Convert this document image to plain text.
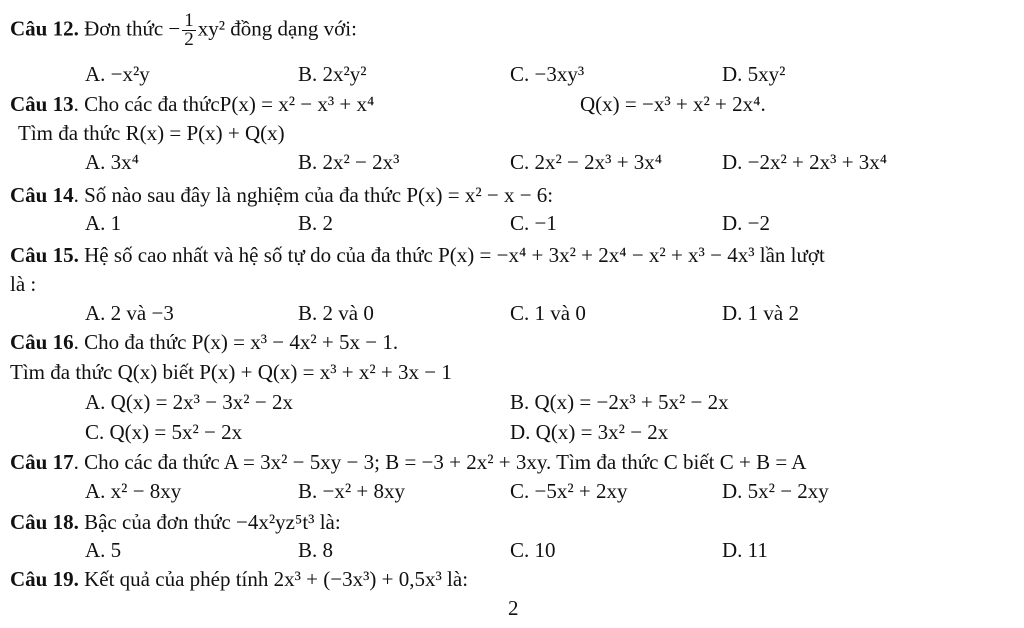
Câu 12. Đơn thức − $\frac{1}{2} xy^2$ đồng dạng với:
A. −x²y	B. 2x²y²	C. −3xy³	D. 5xy²
Câu 13. Cho các đa thứcP(x) = x² − x³ + x⁴	Q(x) = −x³ + x² + 2x⁴.
Tìm đa thức R(x) = P(x) + Q(x)
A. 3x⁴	B. 2x² − 2x³	C. 2x² − 2x³ + 3x⁴	D. −2x² + 2x³ + 3x⁴
Câu 14. Số nào sau đây là nghiệm của đa thức P(x) = x² − x − 6:
A. 1	B. 2	C. −1	D. −2
Câu 15. Hệ số cao nhất và hệ số tự do của đa thức P(x) = −x⁴ + 3x² + 2x⁴ − x² + x³ − 4x³ lần lượt
là :
A. 2 và −3	B. 2 và 0	C. 1 và 0	D. 1 và 2
Câu 16. Cho đa thức P(x) = x³ − 4x² + 5x − 1.
Tìm đa thức Q(x) biết P(x) + Q(x) = x³ + x² + 3x − 1
A. Q(x) = 2x³ − 3x² − 2x	B. Q(x) = −2x³ + 5x² − 2x
C. Q(x) = 5x² − 2x	D. Q(x) = 3x² − 2x
Câu 17. Cho các đa thức A = 3x² − 5xy − 3; B = −3 + 2x² + 3xy. Tìm đa thức C biết C + B = A
A. x² − 8xy	B. −x² + 8xy	C. −5x² + 2xy	D. 5x² − 2xy
Câu 18. Bậc của đơn thức −4x²yz⁵t³ là:
A. 5	B. 8	C. 10	D. 11
Câu 19. Kết quả của phép tính 2x³ + (−3x³) + 0,5x³ là:
2
